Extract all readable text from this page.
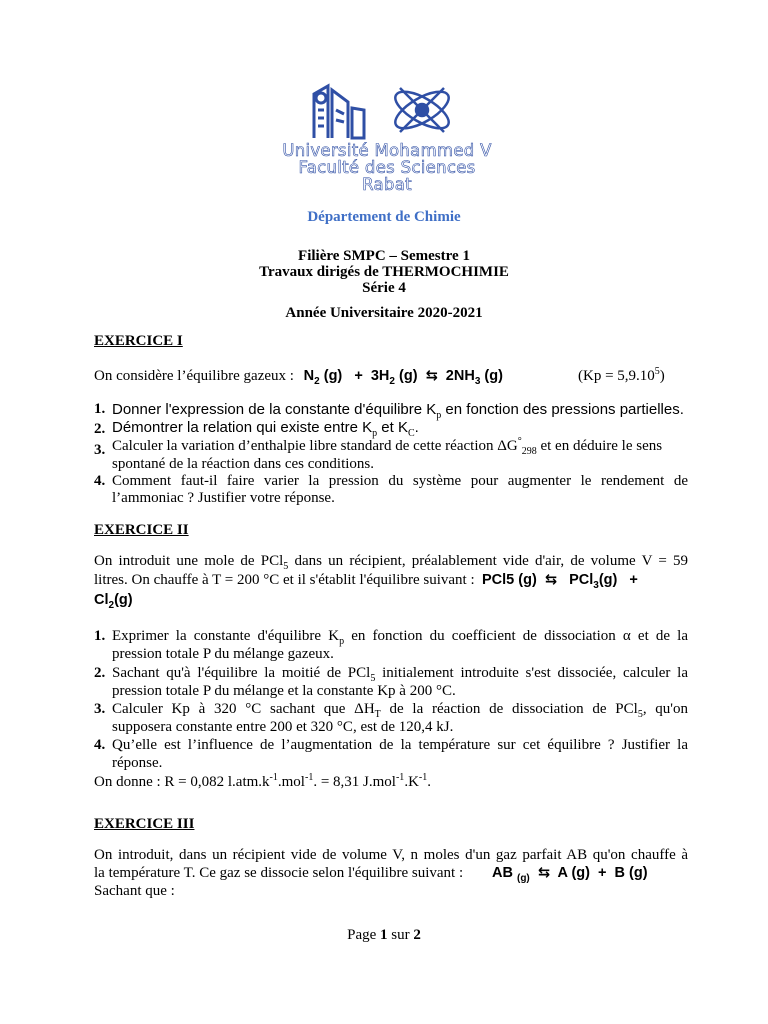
Université Mohammed V
Faculté des Sciences
Rabat
Département de Chimie
Filière SMPC – Semestre 1
Travaux dirigés de THERMOCHIMIE
Série 4
Année Universitaire 2020-2021
EXERCICE I
On considère l’équilibre gazeux : $N_2$ $(g) + 3H_2$ (g)  ⇆  $2NH_3$ (g)	$(Kp = 5,9.10^5)$
1. Donner l'expression de la constante d'équilibre $K_p$ en fonction des pressions partielles.
2. Démontrer la relation qui existe entre $K_p$ et $K_C$.
3. Calculer la variation d’enthalpie libre standard de cette réaction $\Delta G^\circ_{298}$ et en déduire le sens
spontané de la réaction dans ces conditions.
4. Comment faut-il faire varier la pression du système pour augmenter le rendement de
l’ammoniac ? Justifier votre réponse.
EXERCICE II
On introduit une mole de PCl$_5$ dans un récipient, préalablement vide d'air, de volume V = 59
litres. On chauffe à T = 200 °C et il s'établit l'équilibre suivant : PCl5 (g)  ⇆   PCl$_3$(g)   +
$Cl_2(g)$
1. Exprimer la constante d'équilibre $K_p$ en fonction du coefficient de dissociation α et de la
pression totale P du mélange gazeux.
2. Sachant qu'à l'équilibre la moitié de PCl$_5$ initialement introduite s'est dissociée, calculer la
pression totale P du mélange et la constante Kp à 200 °C.
3. Calculer Kp à 320 °C sachant que $\Delta H_T$ de la réaction de dissociation de PCl$_5$, qu'on
supposera constante entre 200 et 320 °C, est de 120,4 kJ.
4. Qu’elle est l’influence de l’augmentation de la température sur cet équilibre ? Justifier la
réponse.
On donne : R = 0,082 $l.atm.k^{-1}.mol^{-1}$. = 8,31 $J.mol^{-1}.K^{-1}$.
EXERCICE III
On introduit, dans un récipient vide de volume V, n moles d'un gaz parfait AB qu'on chauffe à
la température T. Ce gaz se dissocie selon l'équilibre suivant : AB $_{(g)}$  ⇆  A (g)  +  B (g)
Sachant que :
Page 1 sur 2
